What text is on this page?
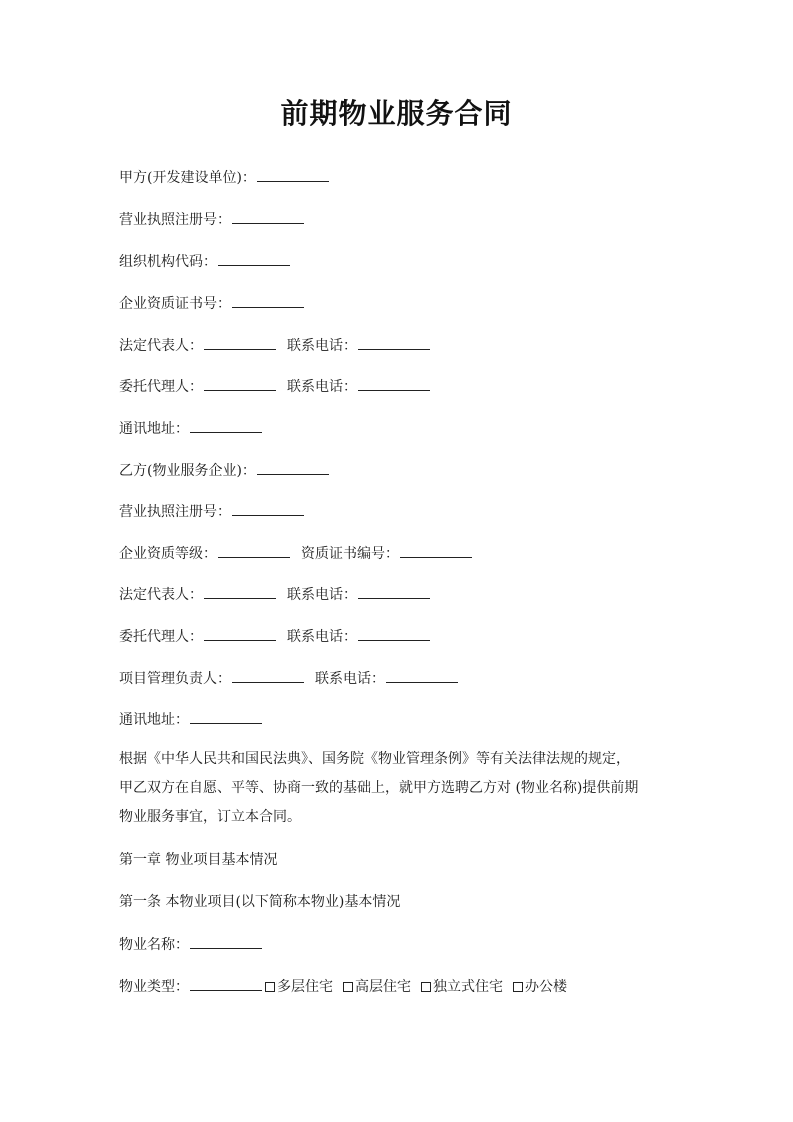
前期物业服务合同
甲方(开发建设单位)：
营业执照注册号：
组织机构代码：
企业资质证书号：
法定代表人：	联系电话：
委托代理人：	联系电话：
通讯地址：
乙方(物业服务企业)：
营业执照注册号：
企业资质等级：	资质证书编号：
法定代表人：	联系电话：
委托代理人：	联系电话：
项目管理负责人：	联系电话：
通讯地址：
根据《中华人民共和国民法典》、国务院《物业管理条例》等有关法律法规的规定，
甲乙双方在自愿、平等、协商一致的基础上，就甲方选聘乙方对 (物业名称)提供前期
物业服务事宜，订立本合同。
第一章 物业项目基本情况
第一条 本物业项目(以下简称本物业)基本情况
物业名称：
物业类型：	多层住宅 高层住宅 独立式住宅 办公楼
